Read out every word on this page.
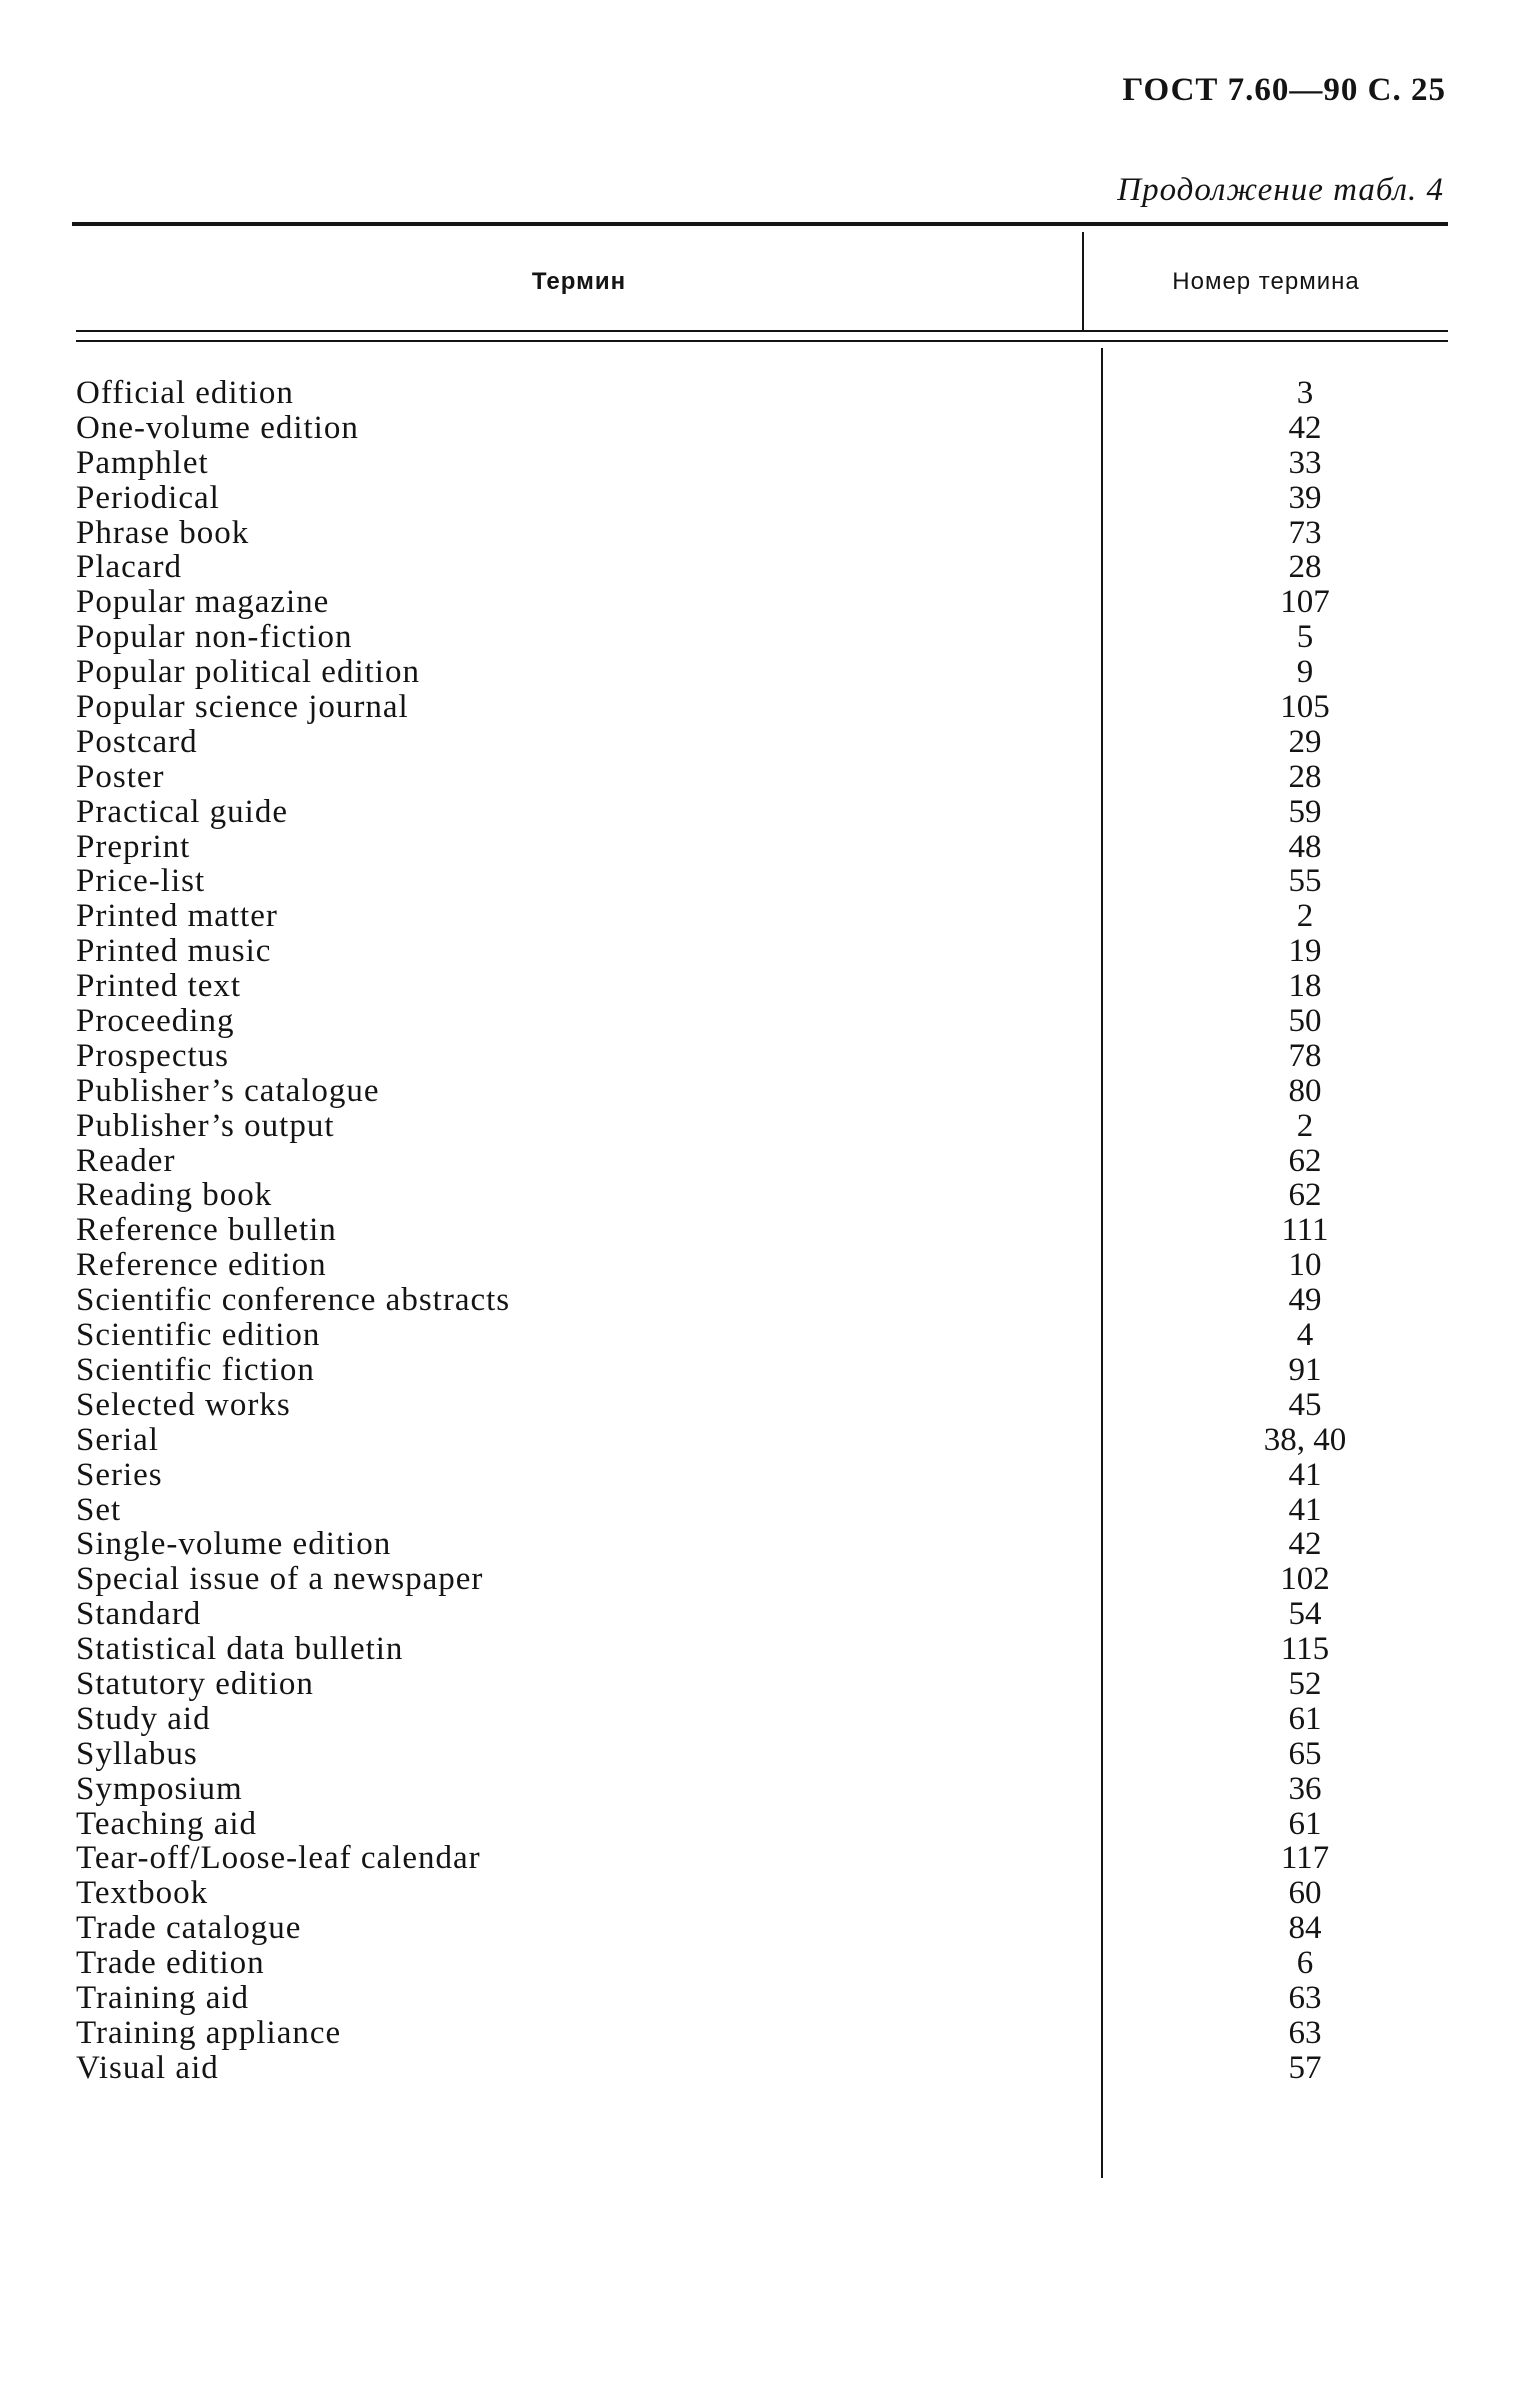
ГОСТ 7.60—90 С. 25
Продолжение табл. 4
Термин	Номер термина
Official edition	3
One-volume edition	42
Pamphlet	33
Periodical	39
Phrase book	73
Placard	28
Popular magazine	107
Popular non-fiction	5
Popular political edition	9
Popular science journal	105
Postcard	29
Poster	28
Practical guide	59
Preprint	48
Price-list	55
Printed matter	2
Printed music	19
Printed text	18
Proceeding	50
Prospectus	78
Publisher’s catalogue	80
Publisher’s output	2
Reader	62
Reading book	62
Reference bulletin	111
Reference edition	10
Scientific conference abstracts	49
Scientific edition	4
Scientific fiction	91
Selected works	45
Serial	38, 40
Series	41
Set	41
Single-volume edition	42
Special issue of a newspaper	102
Standard	54
Statistical data bulletin	115
Statutory edition	52
Study aid	61
Syllabus	65
Symposium	36
Teaching aid	61
Tear-off/Loose-leaf calendar	117
Textbook	60
Trade catalogue	84
Trade edition	6
Training aid	63
Training appliance	63
Visual aid	57
